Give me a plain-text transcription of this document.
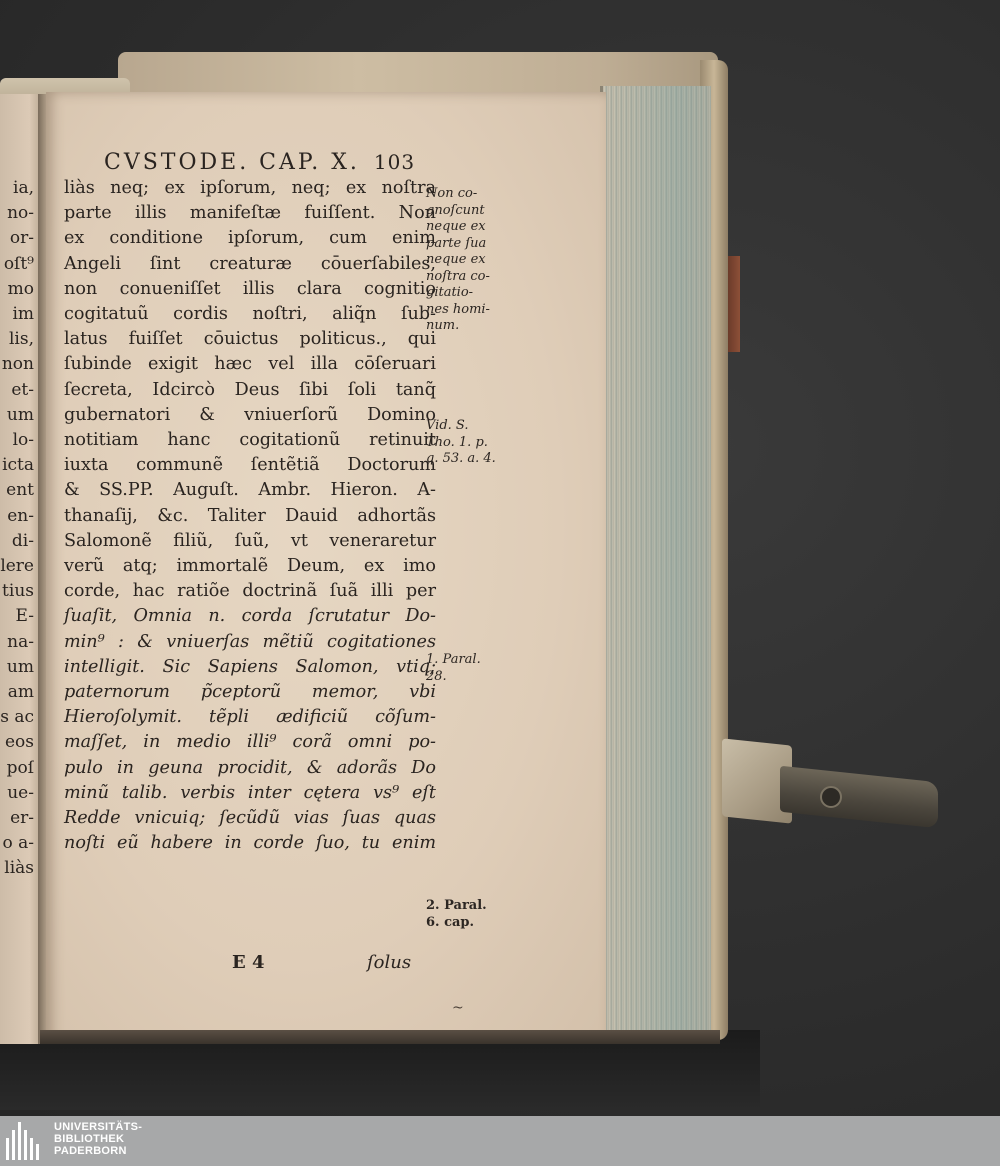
ia,
no-
or-
oſt⁹
mo
im
lis,
non
et-
um
lo-
icta
ent
en-
di-
lere
tius
E-
na-
um
am
s ac
eos
poſ
ue-
er-
o a-
liàs
CVSTODE. CAP. X. 103
liàs neq; ex ipſorum, neq; ex noſtra
parte illis manifeſtæ fuiſſent. Non
ex conditione ipſorum, cum enim
Angeli ſint creaturæ cōuerſabiles,
non conueniſſet illis clara cognitio
cogitatuũ cordis noſtri, aliq̃n ſub-
latus fuiſſet cōuictus politicus., qui
ſubinde exigit hæc vel illa cōſeruari
ſecreta, Idcircò Deus ſibi ſoli tanq̃
gubernatori & vniuerſorũ Domino
notitiam hanc cogitationũ retinuit
iuxta communẽ ſentẽtiã Doctorum
& SS.PP. Auguſt. Ambr. Hieron. A-
thanaſij, &c. Taliter Dauid adhortãs
Salomonẽ filiũ, ſuũ, vt veneraretur
verũ atq; immortalẽ Deum, ex imo
corde, hac ratiõe doctrinã ſuã illi per
ſuaſit, Omnia n. corda ſcrutatur Do-
min⁹ : & vniuerſas mẽtiũ cogitationes
intelligit. Sic Sapiens Salomon, vtiq;
paternorum p̃ceptorũ memor, vbi
Hieroſolymit. tẽpli ædificiũ cõſum-
maſſet, in medio illi⁹ corã omni po-
pulo in geuna procidit, & adorãs Do
minũ talib. verbis inter cętera vs⁹ eſt
Redde vnicuiq; ſecũdũ vias ſuas quas
noſti eũ habere in corde ſuo, tu enim
Non co-
gnoſcunt
neque ex
parte ſua
neque ex
noſtra co-
gitatio-
nes homi-
num.
Vid. S.
Tho. 1. p.
q. 53. a. 4.
1. Paral.
28.
2. Paral.
6. cap.
E 4	ſolus
~
UNIVERSITÄTS-
BIBLIOTHEK
PADERBORN
